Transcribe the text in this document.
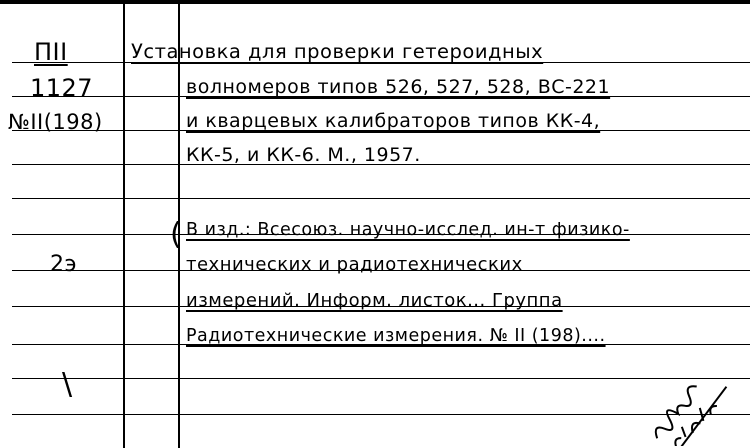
ПII
1127
№II(198)
2э
\
Установка для проверки гетероидных
волномеров типов 526, 527, 528, ВС-221
и кварцевых калибраторов типов КК-4,
КК-5, и КК-6. М., 1957.
( В изд.: Всесоюз. научно-исслед. ин-т физико-
технических и радиотехнических
измерений. Информ. листок... Группа
Радиотехнические измерения. № II (198)....
